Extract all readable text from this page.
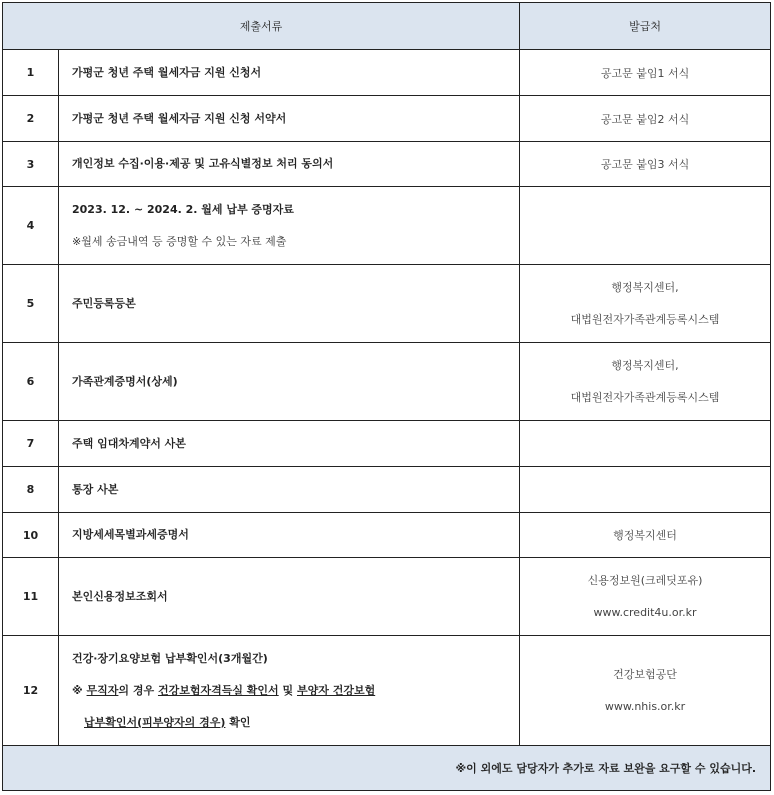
제출서류		발급처
1	가평군 청년 주택 월세자금 지원 신청서	공고문 붙임1 서식
2	가평군 청년 주택 월세자금 지원 신청 서약서	공고문 붙임2 서식
3	개인정보 수집·이용·제공 및 고유식별정보 처리 동의서	공고문 붙임3 서식
4	2023. 12. ~ 2024. 2. 월세 납부 증명자료
※월세 송금내역 등 증명할 수 있는 자료 제출	

5	주민등록등본	행정복지센터,
대법원전자가족관계등록시스템

6	가족관계증명서(상세)	행정복지센터,
대법원전자가족관계등록시스템

7	주택 임대차계약서 사본	
8	통장 사본	
10	지방세세목별과세증명서	행정복지센터
11	본인신용정보조회서	신용정보원(크레딧포유)
www.credit4u.or.kr

12	건강·장기요양보험 납부확인서(3개월간)
※ 무직자의 경우 건강보험자격득실 확인서 및 부양자 건강보험
납부확인서(피부양자의 경우) 확인	건강보험공단
www.nhis.or.kr

※이 외에도 담당자가 추가로 자료 보완을 요구할 수 있습니다.		
